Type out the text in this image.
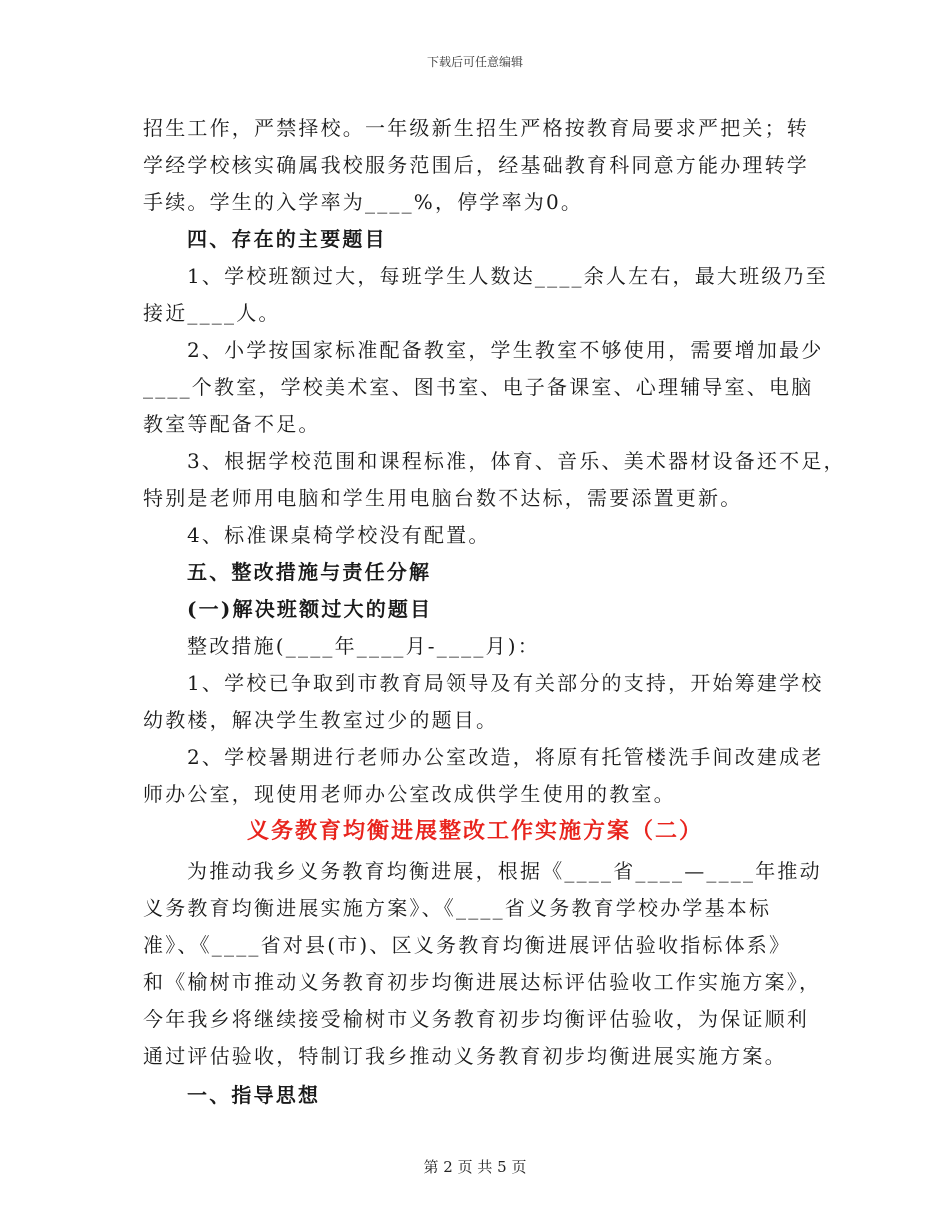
下载后可任意编辑
招生工作，严禁择校。一年级新生招生严格按教育局要求严把关；转
学经学校核实确属我校服务范围后，经基础教育科同意方能办理转学
手续。学生的入学率为____%，停学率为0。
四、存在的主要题目
1、学校班额过大，每班学生人数达____余人左右，最大班级乃至
接近____人。
2、小学按国家标准配备教室，学生教室不够使用，需要增加最少
____个教室，学校美术室、图书室、电子备课室、心理辅导室、电脑
教室等配备不足。
3、根据学校范围和课程标准，体育、音乐、美术器材设备还不足，
特别是老师用电脑和学生用电脑台数不达标，需要添置更新。
4、标准课桌椅学校没有配置。
五、整改措施与责任分解
(一)解决班额过大的题目
整改措施(____年____月-____月)：
1、学校已争取到市教育局领导及有关部分的支持，开始筹建学校
幼教楼，解决学生教室过少的题目。
2、学校暑期进行老师办公室改造，将原有托管楼洗手间改建成老
师办公室，现使用老师办公室改成供学生使用的教室。
义务教育均衡进展整改工作实施方案（二）
为推动我乡义务教育均衡进展，根据《____省____—____年推动
义务教育均衡进展实施方案》、《____省义务教育学校办学基本标
准》、《____省对县(市)、区义务教育均衡进展评估验收指标体系》
和《榆树市推动义务教育初步均衡进展达标评估验收工作实施方案》，
今年我乡将继续接受榆树市义务教育初步均衡评估验收，为保证顺利
通过评估验收，特制订我乡推动义务教育初步均衡进展实施方案。
一、指导思想
第 2 页 共 5 页
